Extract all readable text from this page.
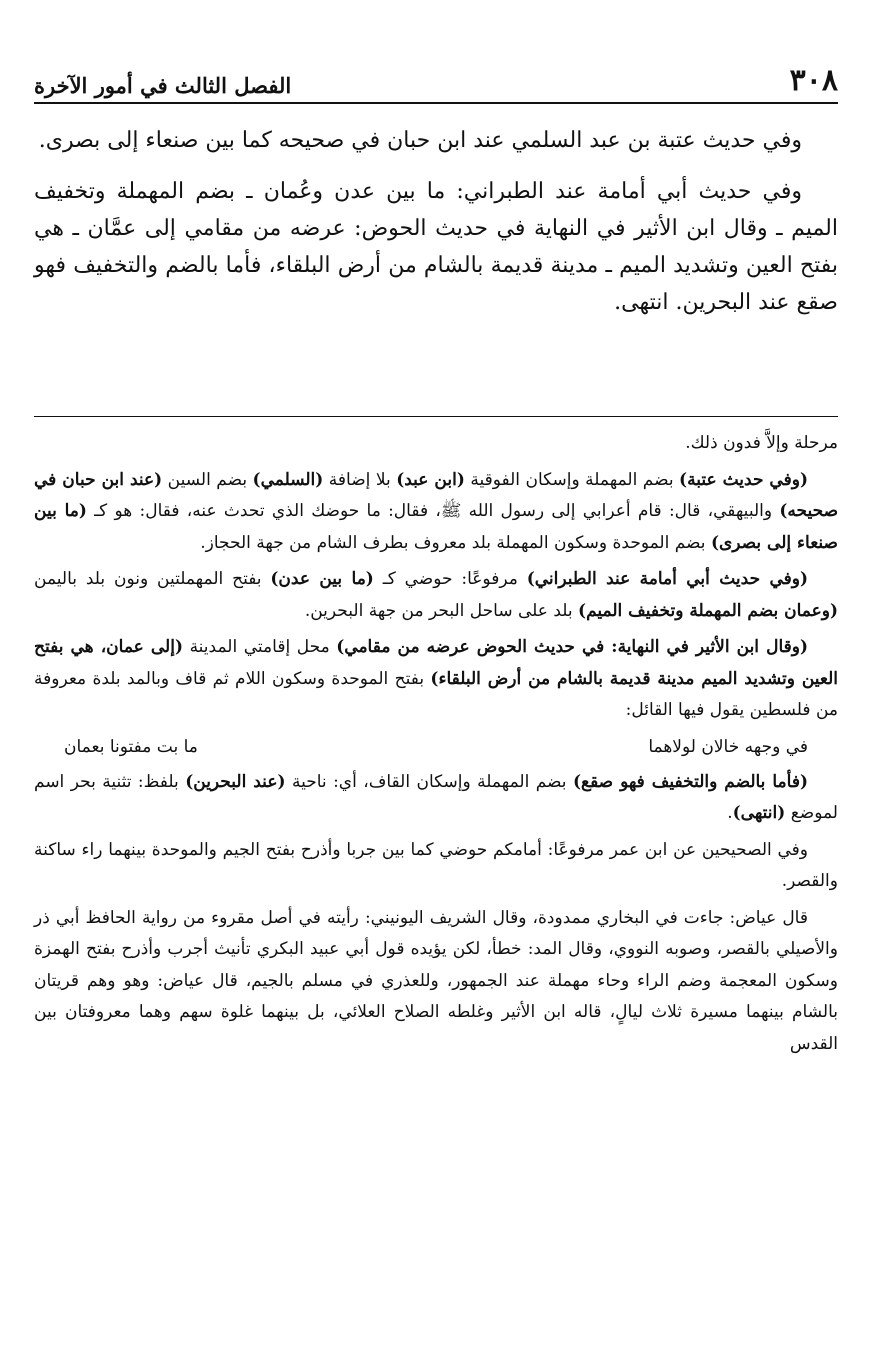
٣٠٨
الفصل الثالث في أمور الآخرة

وفي حديث عتبة بن عبد السلمي عند ابن حبان في صحيحه كما بين صنعاء إلى بصرى.

وفي حديث أبي أمامة عند الطبراني: ما بين عدن وعُمان ـ بضم المهملة وتخفيف الميم ـ وقال ابن الأثير في النهاية في حديث الحوض: عرضه من مقامي إلى عمَّان ـ هي بفتح العين وتشديد الميم ـ مدينة قديمة بالشام من أرض البلقاء، فأما بالضم والتخفيف فهو صقع عند البحرين. انتهى.

مرحلة وإلاَّ فدون ذلك.

(وفي حديث عتبة) بضم المهملة وإسكان الفوقية (ابن عبد) بلا إضافة (السلمي) بضم السين (عند ابن حبان في صحيحه) والبيهقي، قال: قام أعرابي إلى رسول الله ﷺ، فقال: ما حوضك الذي تحدث عنه، فقال: هو كـ (ما بين صنعاء إلى بصرى) بضم الموحدة وسكون المهملة بلد معروف بطرف الشام من جهة الحجاز.

(وفي حديث أبي أمامة عند الطبراني) مرفوعًا: حوضي كـ (ما بين عدن) بفتح المهملتين ونون بلد باليمن (وعمان بضم المهملة وتخفيف الميم) بلد على ساحل البحر من جهة البحرين.

(وقال ابن الأثير في النهاية: في حديث الحوض عرضه من مقامي) محل إقامتي المدينة (إلى عمان، هي بفتح العين وتشديد الميم مدينة قديمة بالشام من أرض البلقاء) بفتح الموحدة وسكون اللام ثم قاف وبالمد بلدة معروفة من فلسطين يقول فيها القائل:

في وجهه خالان لولاهما
ما بت مفتونا بعمان

(فأما بالضم والتخفيف فهو صقع) بضم المهملة وإسكان القاف، أي: ناحية (عند البحرين) بلفظ: تثنية بحر اسم لموضع (انتهى).

وفي الصحيحين عن ابن عمر مرفوعًا: أمامكم حوضي كما بين جربا وأذرح بفتح الجيم والموحدة بينهما راء ساكنة والقصر.

قال عياض: جاءت في البخاري ممدودة، وقال الشريف اليونيني: رأيته في أصل مقروء من رواية الحافظ أبي ذر والأصيلي بالقصر، وصوبه النووي، وقال المد: خطأ، لكن يؤيده قول أبي عبيد البكري تأنيث أجرب وأذرح بفتح الهمزة وسكون المعجمة وضم الراء وحاء مهملة عند الجمهور، وللعذري في مسلم بالجيم، قال عياض: وهو وهم قريتان بالشام بينهما مسيرة ثلاث ليالٍ، قاله ابن الأثير وغلطه الصلاح العلائي، بل بينهما غلوة سهم وهما معروفتان بين القدس
